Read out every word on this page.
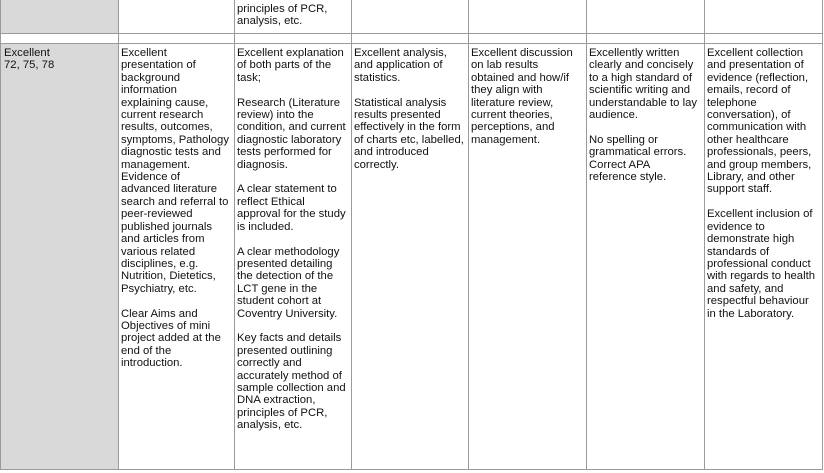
principles of PCR,
analysis, etc.
Excellent
72, 75, 78
Excellent
presentation of
background
information
explaining cause,
current research
results, outcomes,
symptoms, Pathology
diagnostic tests and
management.
Evidence of
advanced literature
search and referral to
peer-reviewed
published journals
and articles from
various related
disciplines, e.g.
Nutrition, Dietetics,
Psychiatry, etc.

Clear Aims and
Objectives of mini
project added at the
end of the
introduction.
Excellent explanation
of both parts of the
task;

Research (Literature
review) into the
condition, and current
diagnostic laboratory
tests performed for
diagnosis.

A clear statement to
reflect Ethical
approval for the study
is included.

A clear methodology
presented detailing
the detection of the
LCT gene in the
student cohort at
Coventry University.

Key facts and details
presented outlining
correctly and
accurately method of
sample collection and
DNA extraction,
principles of PCR,
analysis, etc.
Excellent analysis,
and application of
statistics.

Statistical analysis
results presented
effectively in the form
of charts etc, labelled,
and introduced
correctly.
Excellent discussion
on lab results
obtained and how/if
they align with
literature review,
current theories,
perceptions, and
management.
Excellently written
clearly and concisely
to a high standard of
scientific writing and
understandable to lay
audience.

No spelling or
grammatical errors.
Correct APA
reference style.
Excellent collection
and presentation of
evidence (reflection,
emails, record of
telephone
conversation), of
communication with
other healthcare
professionals, peers,
and group members,
Library, and other
support staff.

Excellent inclusion of
evidence to
demonstrate high
standards of
professional conduct
with regards to health
and safety, and
respectful behaviour
in the Laboratory.
